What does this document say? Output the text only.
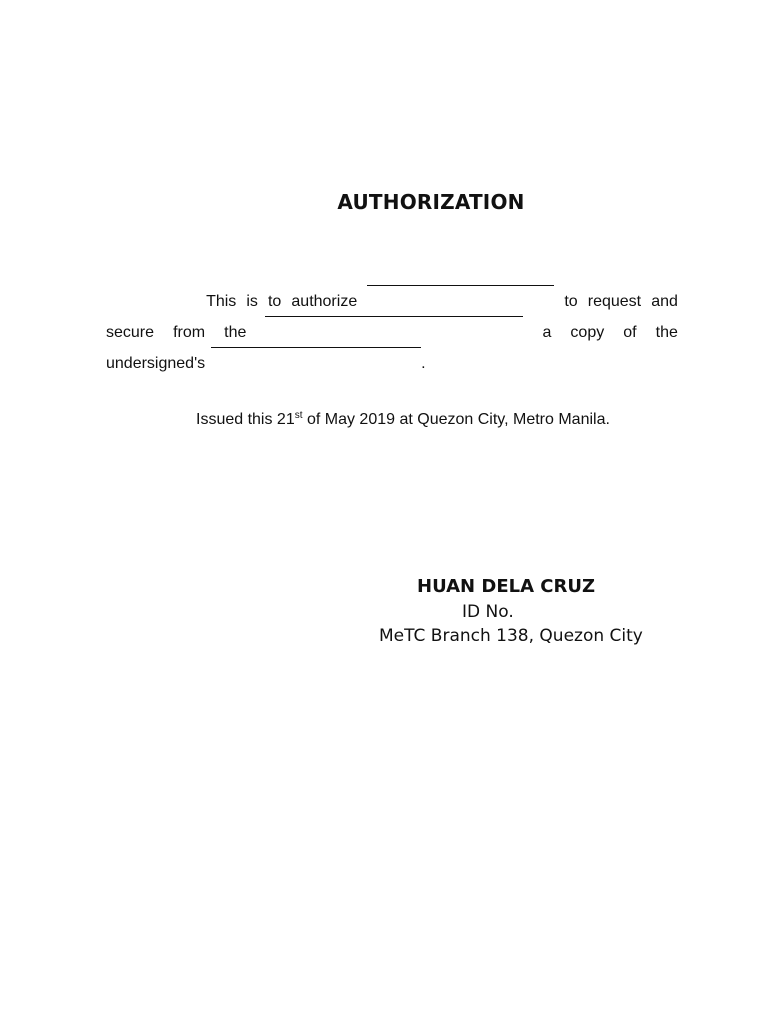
AUTHORIZATION
This is to authorize	to request and
secure from the	a copy of the
undersigned's	.
Issued this 21st of May 2019 at Quezon City, Metro Manila.
HUAN DELA CRUZ
ID No.
MeTC Branch 138, Quezon City
